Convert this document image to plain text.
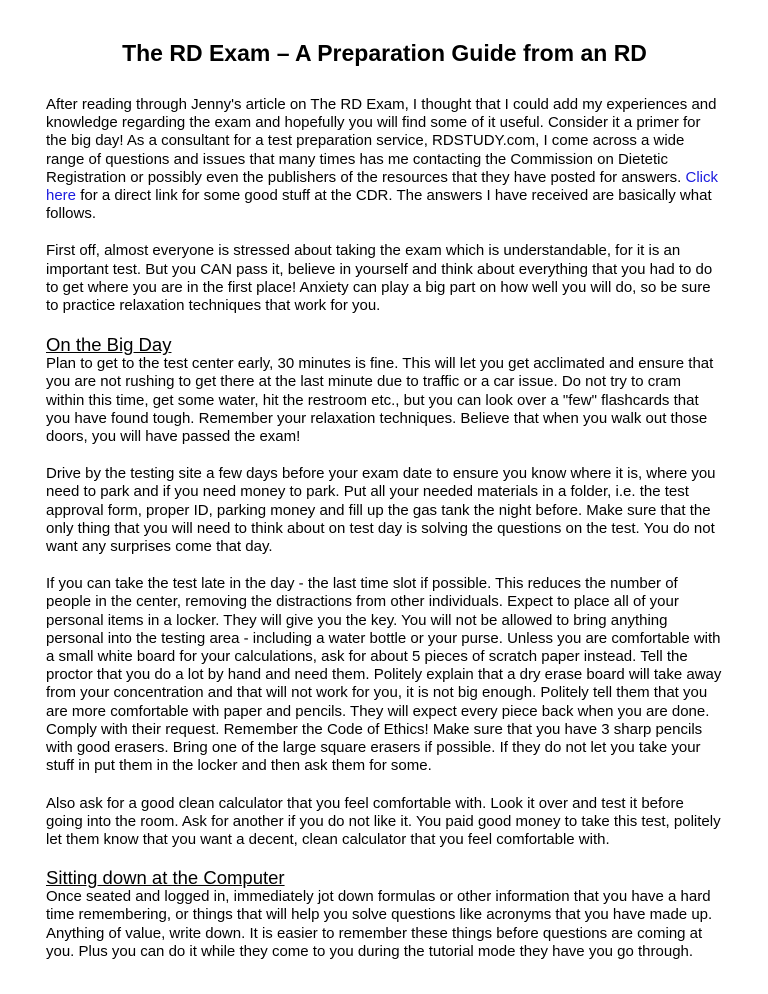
The RD Exam – A Preparation Guide from an RD

After reading through Jenny's article on The RD Exam, I thought that I could add my experiences and knowledge regarding the exam and hopefully you will find some of it useful. Consider it a primer for the big day! As a consultant for a test preparation service, RDSTUDY.com, I come across a wide range of questions and issues that many times has me contacting the Commission on Dietetic Registration or possibly even the publishers of the resources that they have posted for answers. Click here for a direct link for some good stuff at the CDR. The answers I have received are basically what follows.

First off, almost everyone is stressed about taking the exam which is understandable, for it is an important test. But you CAN pass it, believe in yourself and think about everything that you had to do to get where you are in the first place! Anxiety can play a big part on how well you will do, so be sure to practice relaxation techniques that work for you.

On the Big Day

Plan to get to the test center early, 30 minutes is fine. This will let you get acclimated and ensure that you are not rushing to get there at the last minute due to traffic or a car issue. Do not try to cram within this time, get some water, hit the restroom etc., but you can look over a "few" flashcards that you have found tough. Remember your relaxation techniques. Believe that when you walk out those doors, you will have passed the exam!

Drive by the testing site a few days before your exam date to ensure you know where it is, where you need to park and if you need money to park. Put all your needed materials in a folder, i.e. the test approval form, proper ID, parking money and fill up the gas tank the night before. Make sure that the only thing that you will need to think about on test day is solving the questions on the test. You do not want any surprises come that day.

If you can take the test late in the day - the last time slot if possible. This reduces the number of people in the center, removing the distractions from other individuals. Expect to place all of your personal items in a locker. They will give you the key. You will not be allowed to bring anything personal into the testing area - including a water bottle or your purse. Unless you are comfortable with a small white board for your calculations, ask for about 5 pieces of scratch paper instead. Tell the proctor that you do a lot by hand and need them. Politely explain that a dry erase board will take away from your concentration and that will not work for you, it is not big enough. Politely tell them that you are more comfortable with paper and pencils. They will expect every piece back when you are done. Comply with their request. Remember the Code of Ethics! Make sure that you have 3 sharp pencils with good erasers. Bring one of the large square erasers if possible. If they do not let you take your stuff in put them in the locker and then ask them for some.

Also ask for a good clean calculator that you feel comfortable with. Look it over and test it before going into the room. Ask for another if you do not like it. You paid good money to take this test, politely let them know that you want a decent, clean calculator that you feel comfortable with.

Sitting down at the Computer

Once seated and logged in, immediately jot down formulas or other information that you have a hard time remembering, or things that will help you solve questions like acronyms that you have made up. Anything of value, write down. It is easier to remember these things before questions are coming at you. Plus you can do it while they come to you during the tutorial mode they have you go through.
